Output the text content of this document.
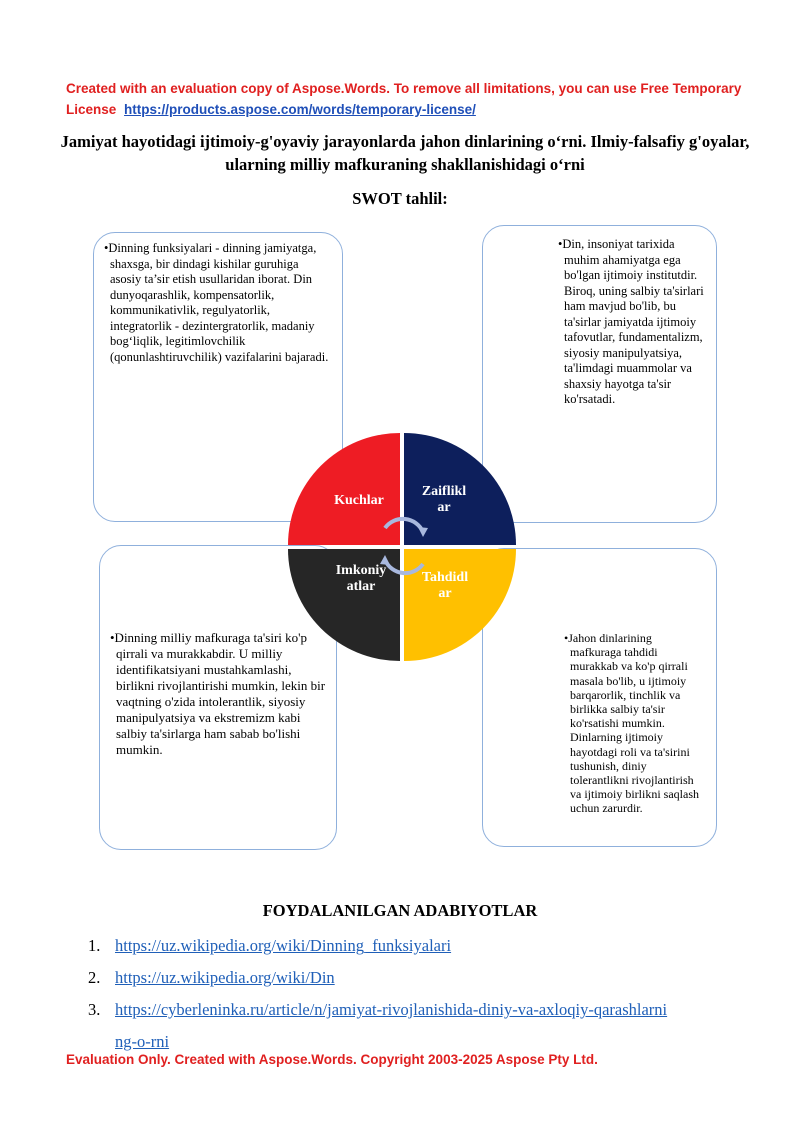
Created with an evaluation copy of Aspose.Words. To remove all limitations, you can use Free Temporary License https://products.aspose.com/words/temporary-license/
Jamiyat hayotidagi ijtimoiy-g'oyaviy jarayonlarda jahon dinlarining o‘rni. Ilmiy-falsafiy g'oyalar, ularning milliy mafkuraning shakllanishidagi o‘rni
SWOT tahlil:

•Dinning funksiyalari - dinning jamiyatga, shaxsga, bir dindagi kishilar guruhiga asosiy ta’sir etish usullaridan iborat. Din dunyoqarashlik, kompensatorlik, kommunikativlik, regulyatorlik, integratorlik - dezintergratorlik, madaniy bog‘liqlik, legitimlovchilik (qonunlashtiruvchilik) vazifalarini bajaradi.

•Din, insoniyat tarixida muhim ahamiyatga ega bo'lgan ijtimoiy institutdir. Biroq, uning salbiy ta'sirlari ham mavjud bo'lib, bu ta'sirlar jamiyatda ijtimoiy tafovutlar, fundamentalizm, siyosiy manipulyatsiya, ta'limdagi muammolar va shaxsiy hayotga ta'sir ko'rsatadi.

•Dinning milliy mafkuraga ta'siri ko'p qirrali va murakkabdir. U milliy identifikatsiyani mustahkamlashi, birlikni rivojlantirishi mumkin, lekin bir vaqtning o'zida intolerantlik, siyosiy manipulyatsiya va ekstremizm kabi salbiy ta'sirlarga ham sabab bo'lishi mumkin.

•Jahon dinlarining mafkuraga tahdidi murakkab va ko'p qirrali masala bo'lib, u ijtimoiy barqarorlik, tinchlik va birlikka salbiy ta'sir ko'rsatishi mumkin. Dinlarning ijtimoiy hayotdagi roli va ta'sirini tushunish, diniy tolerantlikni rivojlantirish va ijtimoiy birlikni saqlash uchun zarurdir.

Kuchlar
Zaiflikl
ar
Imkoniy
atlar
Tahdidl
ar
FOYDALANILGAN ADABIYOTLAR
1. https://uz.wikipedia.org/wiki/Dinning_funksiyalari
2. https://uz.wikipedia.org/wiki/Din
3. https://cyberleninka.ru/article/n/jamiyat-rivojlanishida-diniy-va-axloqiy-qarashlarning-o-rni
Evaluation Only. Created with Aspose.Words. Copyright 2003-2025 Aspose Pty Ltd.
